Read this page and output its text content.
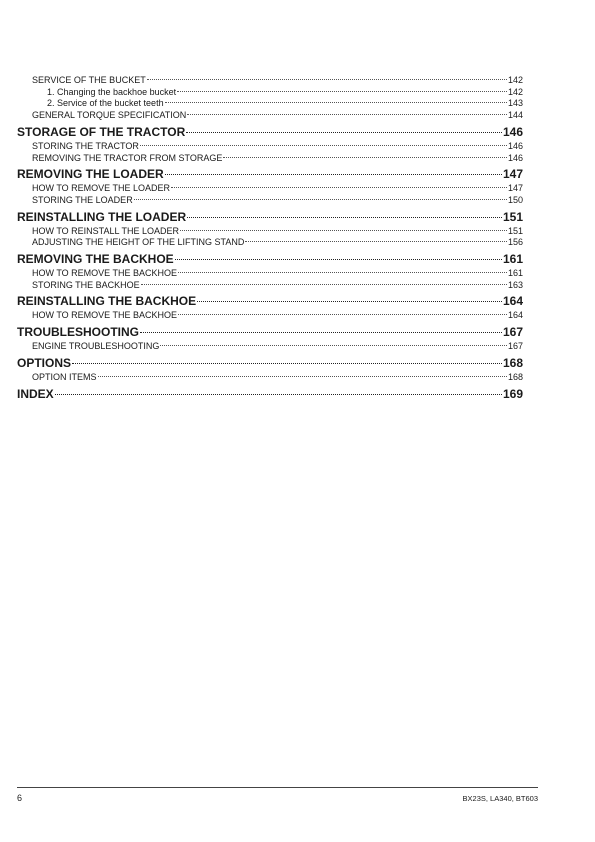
SERVICE OF THE BUCKET	142
1. Changing the backhoe bucket	142
2. Service of the bucket teeth	143
GENERAL TORQUE SPECIFICATION	144
STORAGE OF THE TRACTOR	146
STORING THE TRACTOR	146
REMOVING THE TRACTOR FROM STORAGE	146
REMOVING THE LOADER	147
HOW TO REMOVE THE LOADER	147
STORING THE LOADER	150
REINSTALLING THE LOADER	151
HOW TO REINSTALL THE LOADER	151
ADJUSTING THE HEIGHT OF THE LIFTING STAND	156
REMOVING THE BACKHOE	161
HOW TO REMOVE THE BACKHOE	161
STORING THE BACKHOE	163
REINSTALLING THE BACKHOE	164
HOW TO REMOVE THE BACKHOE	164
TROUBLESHOOTING	167
ENGINE TROUBLESHOOTING	167
OPTIONS	168
OPTION ITEMS	168
INDEX	169
6	BX23S, LA340, BT603
